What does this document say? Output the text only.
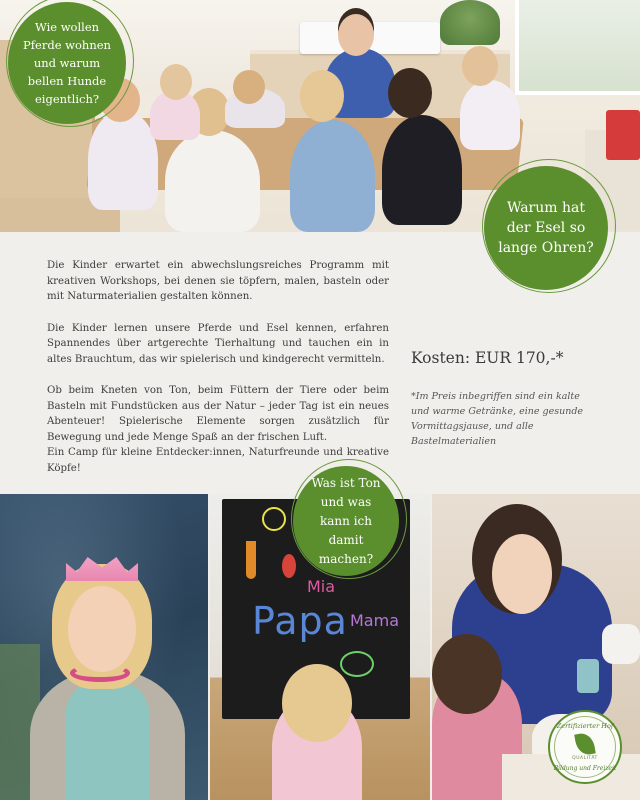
Wie wollen Pferde wohnen und warum bellen Hunde eigentlich?
Warum hat der Esel so lange Ohren?

Die Kinder erwartet ein abwechslungsreiches Programm mit kreativen Workshops, bei denen sie töpfern, malen, basteln oder mit Naturmaterialien gestalten können.

Die Kinder lernen unsere Pferde und Esel kennen, erfahren Spannendes über artgerechte Tierhaltung und tauchen ein in altes Brauchtum, das wir spielerisch und kindgerecht vermitteln.

Ob beim Kneten von Ton, beim Füttern der Tiere oder beim Basteln mit Fundstücken aus der Natur – jeder Tag ist ein neues Abenteuer! Spielerische Elemente sorgen zusätzlich für Bewegung und jede Menge Spaß an der frischen Luft.

Ein Camp für kleine Entdecker:innen, Naturfreunde und kreative Köpfe!

Kosten: EUR 170,-*
*Im Preis inbegriffen sind ein kalte und warme Getränke, eine gesunde Vormittagsjause, und alle Bastelmaterialien
Mia
Papa Mama
Was ist Ton und was kann ich damit machen?
Zertifizierter Hof
QUALITÄT
Bildung und Freizeit
